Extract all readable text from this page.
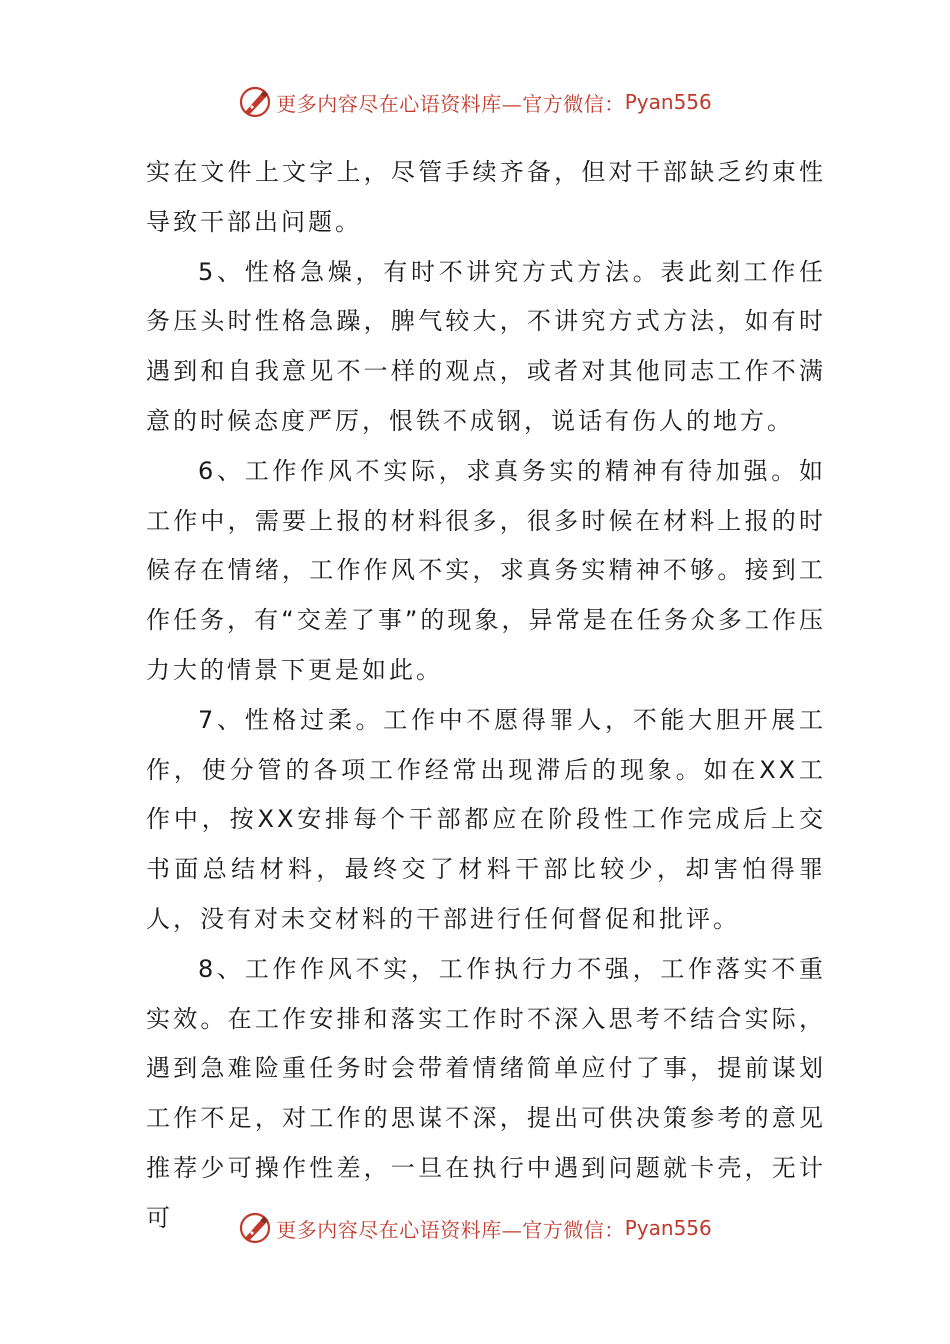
更多内容尽在心语资料库—官方微信： Pyan556

实在文件上文字上，尽管手续齐备，但对干部缺乏约束性导致干部出问题。

5、性格急燥，有时不讲究方式方法。表此刻工作任务压头时性格急躁，脾气较大，不讲究方式方法，如有时遇到和自我意见不一样的观点，或者对其他同志工作不满意的时候态度严厉，恨铁不成钢，说话有伤人的地方。

6、工作作风不实际，求真务实的精神有待加强。如工作中，需要上报的材料很多，很多时候在材料上报的时候存在情绪，工作作风不实，求真务实精神不够。接到工作任务，有“交差了事”的现象，异常是在任务众多工作压力大的情景下更是如此。

7、性格过柔。工作中不愿得罪人，不能大胆开展工作，使分管的各项工作经常出现滞后的现象。如在XX工作中，按XX安排每个干部都应在阶段性工作完成后上交书面总结材料，最终交了材料干部比较少，却害怕得罪人，没有对未交材料的干部进行任何督促和批评。

8、工作作风不实，工作执行力不强，工作落实不重实效。在工作安排和落实工作时不深入思考不结合实际，遇到急难险重任务时会带着情绪简单应付了事，提前谋划工作不足，对工作的思谋不深，提出可供决策参考的意见推荐少可操作性差，一旦在执行中遇到问题就卡壳，无计可	更多内容尽在心语资料库—官方微信： Pyan556
